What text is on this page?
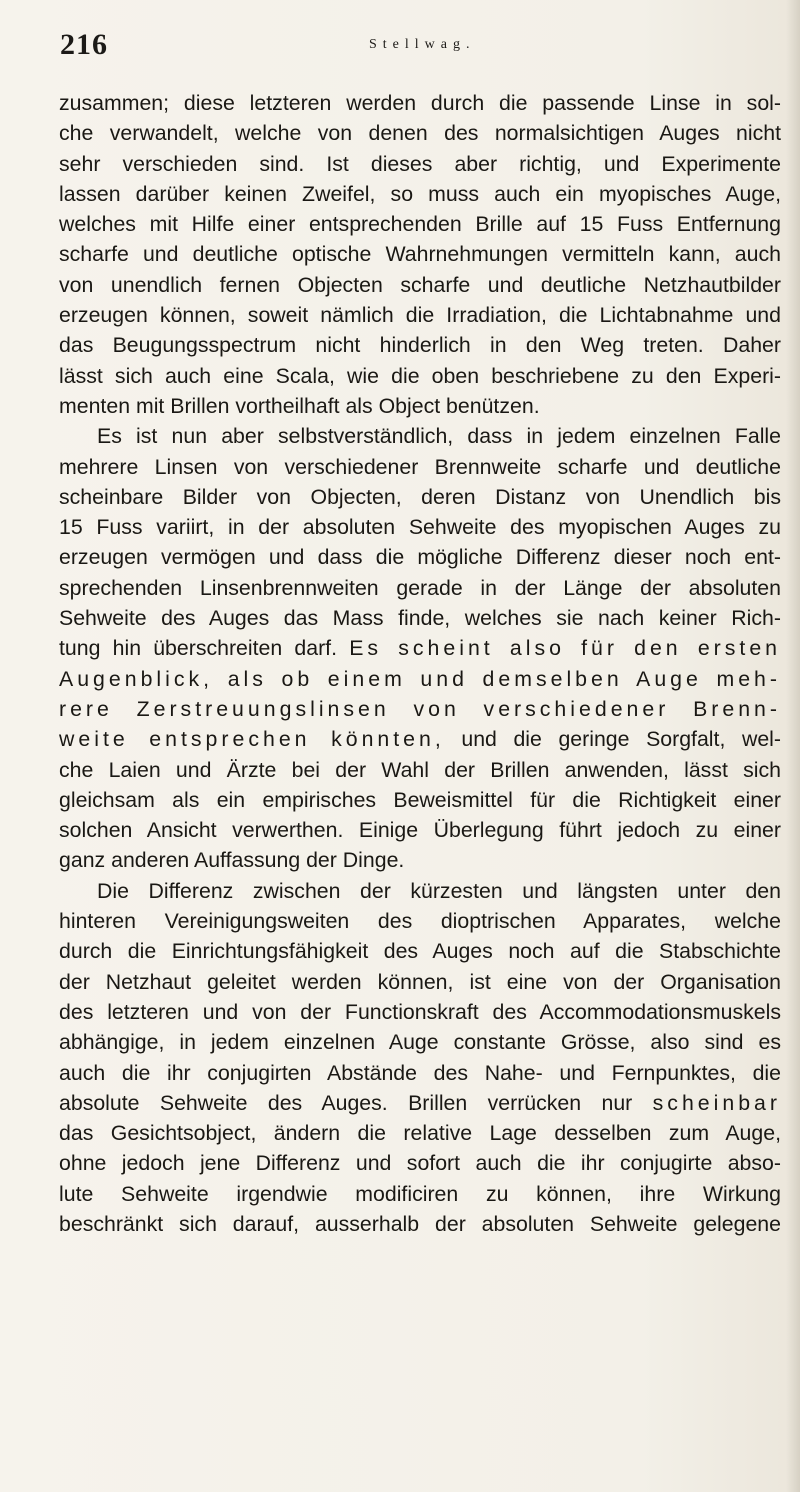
216	Stellwag.
zusammen; diese letzteren werden durch die passende Linse in sol-
che verwandelt, welche von denen des normalsichtigen Auges nicht
sehr verschieden sind. Ist dieses aber richtig, und Experimente
lassen darüber keinen Zweifel, so muss auch ein myopisches Auge,
welches mit Hilfe einer entsprechenden Brille auf 15 Fuss Entfernung
scharfe und deutliche optische Wahrnehmungen vermitteln kann, auch
von unendlich fernen Objecten scharfe und deutliche Netzhautbilder
erzeugen können, soweit nämlich die Irradiation, die Lichtabnahme und
das Beugungsspectrum nicht hinderlich in den Weg treten. Daher
lässt sich auch eine Scala, wie die oben beschriebene zu den Experi-
menten mit Brillen vortheilhaft als Object benützen.
Es ist nun aber selbstverständlich, dass in jedem einzelnen Falle
mehrere Linsen von verschiedener Brennweite scharfe und deutliche
scheinbare Bilder von Objecten, deren Distanz von Unendlich bis
15 Fuss variirt, in der absoluten Sehweite des myopischen Auges zu
erzeugen vermögen und dass die mögliche Differenz dieser noch ent-
sprechenden Linsenbrennweiten gerade in der Länge der absoluten
Sehweite des Auges das Mass finde, welches sie nach keiner Rich-
tung hin überschreiten darf. Es scheint also für den ersten
Augenblick, als ob einem und demselben Auge meh-
rere Zerstreuungslinsen von verschiedener Brenn-
weite entsprechen könnten, und die geringe Sorgfalt, wel-
che Laien und Ärzte bei der Wahl der Brillen anwenden, lässt sich
gleichsam als ein empirisches Beweismittel für die Richtigkeit einer
solchen Ansicht verwerthen. Einige Überlegung führt jedoch zu einer
ganz anderen Auffassung der Dinge.
Die Differenz zwischen der kürzesten und längsten unter den
hinteren Vereinigungsweiten des dioptrischen Apparates, welche
durch die Einrichtungsfähigkeit des Auges noch auf die Stabschichte
der Netzhaut geleitet werden können, ist eine von der Organisation
des letzteren und von der Functionskraft des Accommodationsmuskels
abhängige, in jedem einzelnen Auge constante Grösse, also sind es
auch die ihr conjugirten Abstände des Nahe- und Fernpunktes, die
absolute Sehweite des Auges. Brillen verrücken nur scheinbar
das Gesichtsobject, ändern die relative Lage desselben zum Auge,
ohne jedoch jene Differenz und sofort auch die ihr conjugirte abso-
lute Sehweite irgendwie modificiren zu können, ihre Wirkung
beschränkt sich darauf, ausserhalb der absoluten Sehweite gelegene
